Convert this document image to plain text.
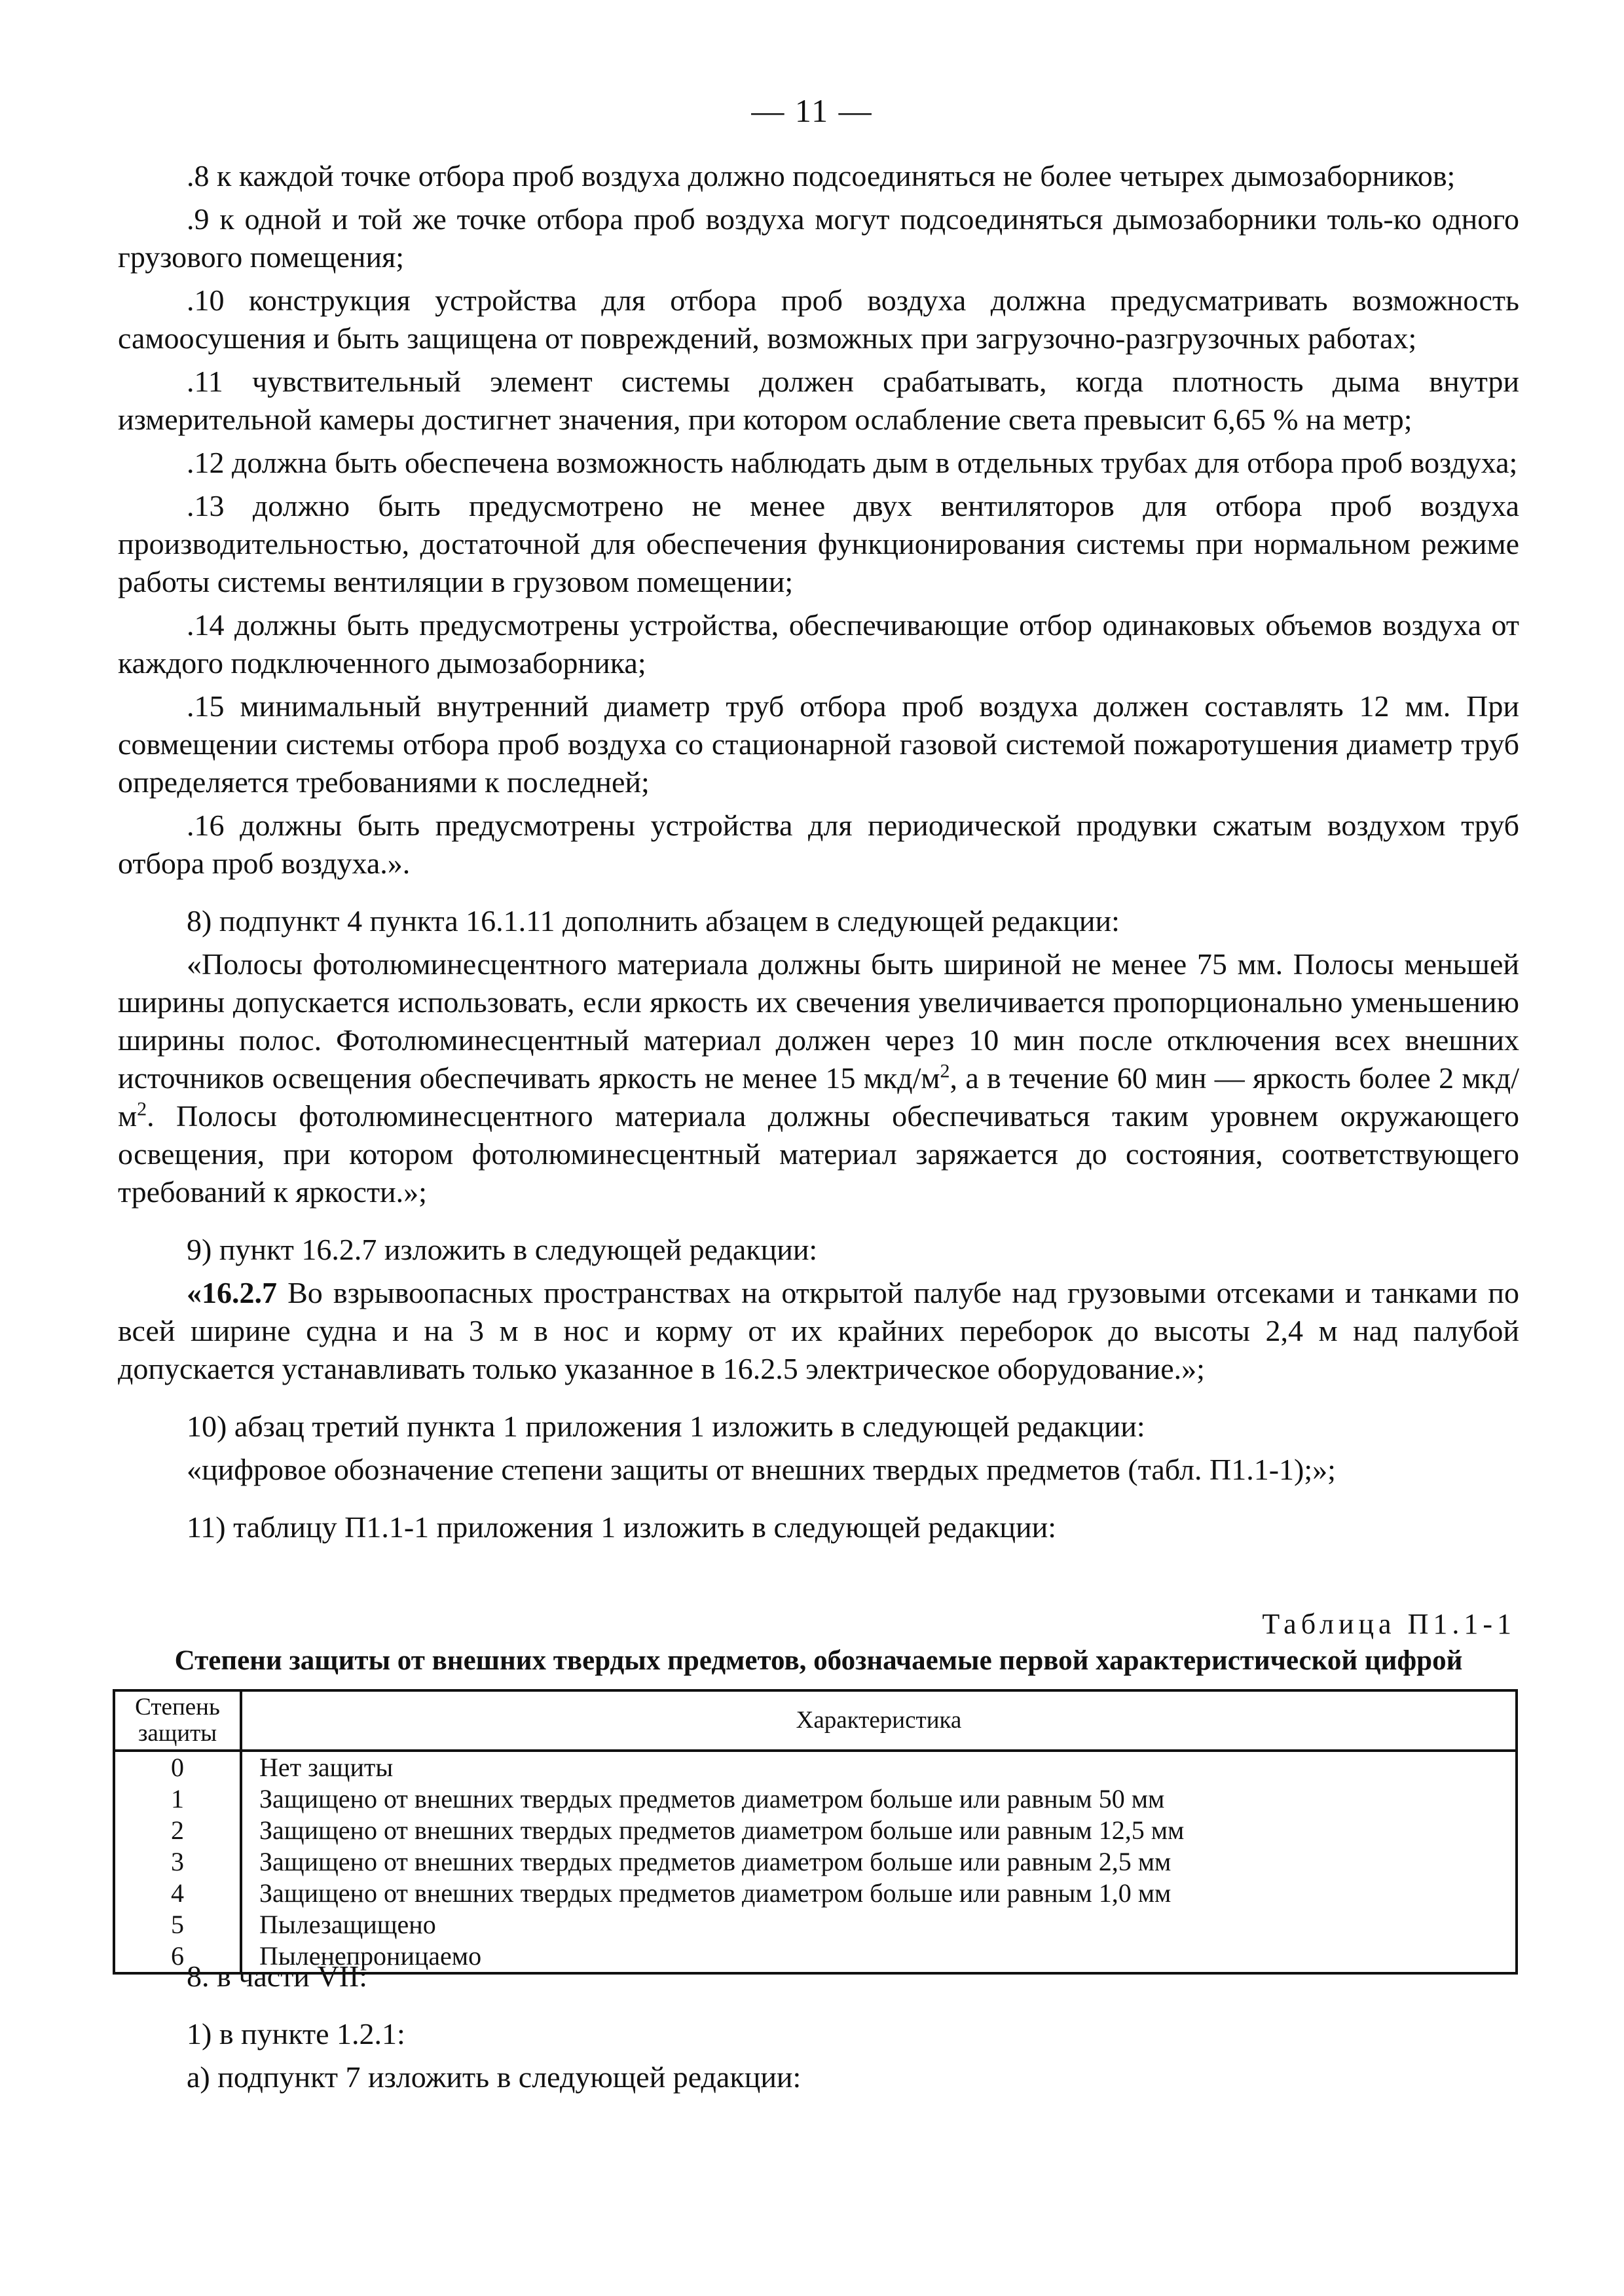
— 11 —

.8 к каждой точке отбора проб воздуха должно подсоединяться не более четырех дымозаборников;

.9 к одной и той же точке отбора проб воздуха могут подсоединяться дымозаборники толь-ко одного грузового помещения;

.10 конструкция устройства для отбора проб воздуха должна предусматривать возможность самоосушения и быть защищена от повреждений, возможных при загрузочно-разгрузочных работах;

.11 чувствительный элемент системы должен срабатывать, когда плотность дыма внутри измерительной камеры достигнет значения, при котором ослабление света превысит 6,65 % на метр;

.12 должна быть обеспечена возможность наблюдать дым в отдельных трубах для отбора проб воздуха;

.13 должно быть предусмотрено не менее двух вентиляторов для отбора проб воздуха производительностью, достаточной для обеспечения функционирования системы при нормальном режиме работы системы вентиляции в грузовом помещении;

.14 должны быть предусмотрены устройства, обеспечивающие отбор одинаковых объемов воздуха от каждого подключенного дымозаборника;

.15 минимальный внутренний диаметр труб отбора проб воздуха должен составлять 12 мм. При совмещении системы отбора проб воздуха со стационарной газовой системой пожаротушения диаметр труб определяется требованиями к последней;

.16 должны быть предусмотрены устройства для периодической продувки сжатым воздухом труб отбора проб воздуха.».

8) подпункт 4 пункта 16.1.11 дополнить абзацем в следующей редакции:

«Полосы фотолюминесцентного материала должны быть шириной не менее 75 мм. Полосы меньшей ширины допускается использовать, если яркость их свечения увеличивается пропорционально уменьшению ширины полос. Фотолюминесцентный материал должен через 10 мин после отключения всех внешних источников освещения обеспечивать яркость не менее 15 мкд/$м^2$, а в течение 60 мин — яркость более 2 мкд/$м^2$. Полосы фотолюминесцентного материала должны обеспечиваться таким уровнем окружающего освещения, при котором фотолюминесцентный материал заряжается до состояния, соответствующего требований к яркости.»;

9) пункт 16.2.7 изложить в следующей редакции:

«16.2.7 Во взрывоопасных пространствах на открытой палубе над грузовыми отсеками и танками по всей ширине судна и на 3 м в нос и корму от их крайних переборок до высоты 2,4 м над палубой допускается устанавливать только указанное в 16.2.5 электрическое оборудование.»;

10) абзац третий пункта 1 приложения 1 изложить в следующей редакции:

«цифровое обозначение степени защиты от внешних твердых предметов (табл. П1.1-1);»;

11) таблицу П1.1-1 приложения 1 изложить в следующей редакции:

Таблица П1.1-1
Степени защиты от внешних твердых предметов, обозначаемые первой характеристической цифрой
Степень защиты	Характеристика
0	Нет защиты
1	Защищено от внешних твердых предметов диаметром больше или равным 50 мм
2	Защищено от внешних твердых предметов диаметром больше или равным 12,5 мм
3	Защищено от внешних твердых предметов диаметром больше или равным 2,5 мм
4	Защищено от внешних твердых предметов диаметром больше или равным 1,0 мм
5	Пылезащищено
6	Пыленепроницаемо

8. в части VII:

1) в пункте 1.2.1:

а) подпункт 7 изложить в следующей редакции:
